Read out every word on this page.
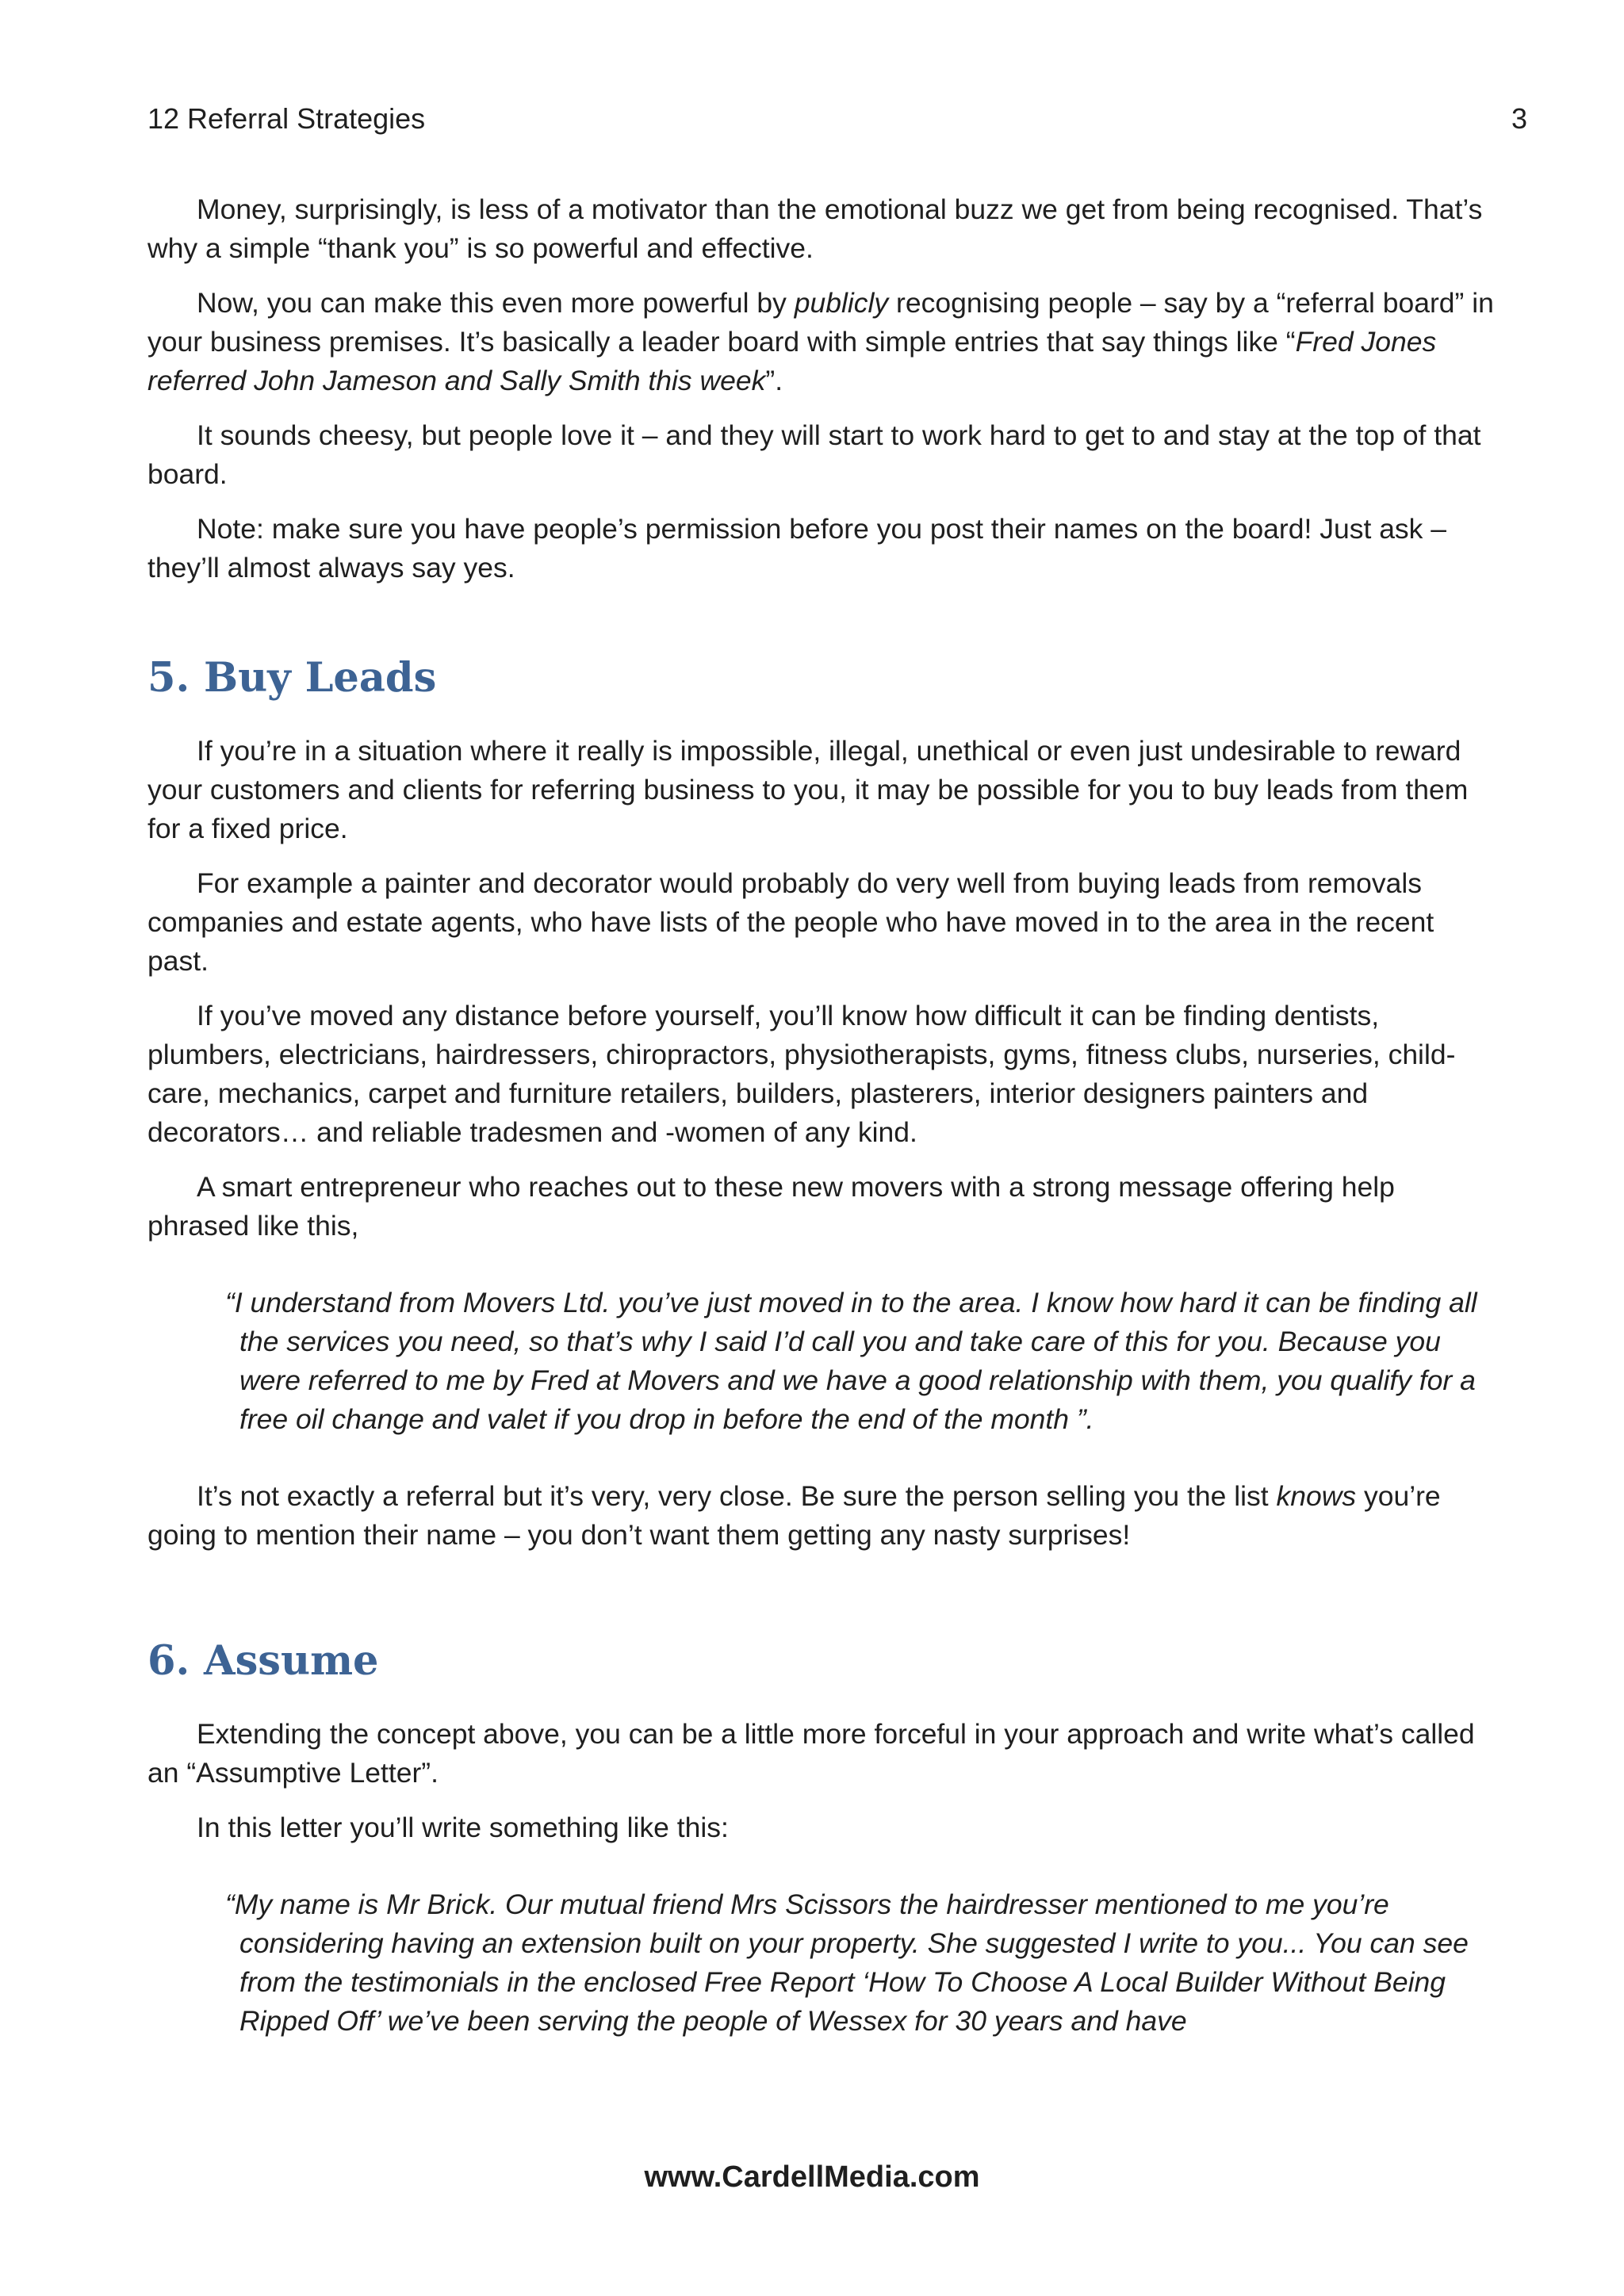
12 Referral Strategies	3

Money, surprisingly, is less of a motivator than the emotional buzz we get from being recognised. That’s why a simple “thank you” is so powerful and effective.

Now, you can make this even more powerful by publicly recognising people – say by a “referral board” in your business premises. It’s basically a leader board with simple entries that say things like “Fred Jones referred John Jameson and Sally Smith this week”.

It sounds cheesy, but people love it – and they will start to work hard to get to and stay at the top of that board.

Note: make sure you have people’s permission before you post their names on the board! Just ask – they’ll almost always say yes.

5. Buy Leads

If you’re in a situation where it really is impossible, illegal, unethical or even just undesirable to reward your customers and clients for referring business to you, it may be possible for you to buy leads from them for a fixed price.

For example a painter and decorator would probably do very well from buying leads from removals companies and estate agents, who have lists of the people who have moved in to the area in the recent past.

If you’ve moved any distance before yourself, you’ll know how difficult it can be finding dentists, plumbers, electricians, hairdressers, chiropractors, physiotherapists, gyms, fitness clubs, nurseries, child-care, mechanics, carpet and furniture retailers, builders, plasterers, interior designers painters and decorators… and reliable tradesmen and -women of any kind.

A smart entrepreneur who reaches out to these new movers with a strong message offering help phrased like this,

“I understand from Movers Ltd. you’ve just moved in to the area. I know how hard it can be finding all the services you need, so that’s why I said I’d call you and take care of this for you. Because you were referred to me by Fred at Movers and we have a good relationship with them, you qualify for a free oil change and valet if you drop in before the end of the month ”.

It’s not exactly a referral but it’s very, very close. Be sure the person selling you the list knows you’re going to mention their name – you don’t want them getting any nasty surprises!

6. Assume

Extending the concept above, you can be a little more forceful in your approach and write what’s called an “Assumptive Letter”.

In this letter you’ll write something like this:

“My name is Mr Brick. Our mutual friend Mrs Scissors the hairdresser mentioned to me you’re considering having an extension built on your property. She suggested I write to you... You can see from the testimonials in the enclosed Free Report ‘How To Choose A Local Builder Without Being Ripped Off’ we’ve been serving the people of Wessex for 30 years and have
www.CardellMedia.com
